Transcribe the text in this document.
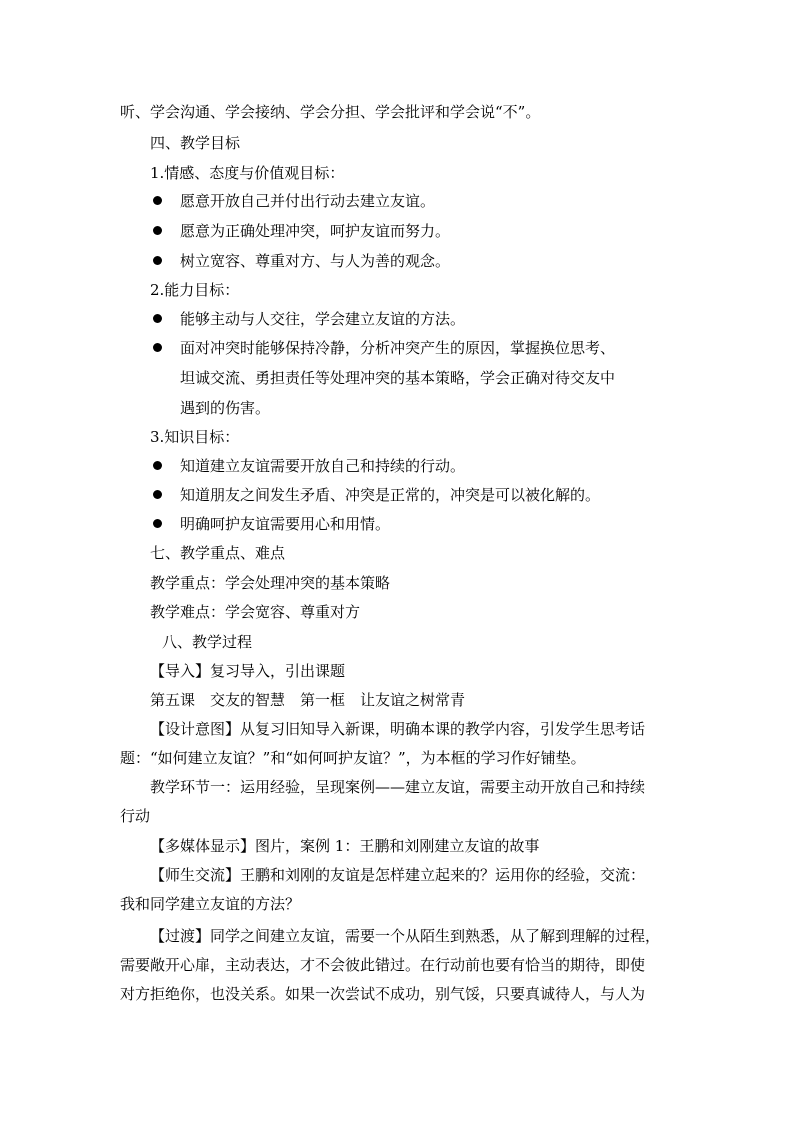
听、学会沟通、学会接纳、学会分担、学会批评和学会说“不”。
四、教学目标
1.情感、态度与价值观目标：
愿意开放自己并付出行动去建立友谊。
愿意为正确处理冲突，呵护友谊而努力。
树立宽容、尊重对方、与人为善的观念。
2.能力目标：
能够主动与人交往，学会建立友谊的方法。
面对冲突时能够保持冷静，分析冲突产生的原因，掌握换位思考、
坦诚交流、勇担责任等处理冲突的基本策略，学会正确对待交友中
遇到的伤害。
3.知识目标：
知道建立友谊需要开放自己和持续的行动。
知道朋友之间发生矛盾、冲突是正常的，冲突是可以被化解的。
明确呵护友谊需要用心和用情。
七、教学重点、难点
教学重点：学会处理冲突的基本策略
教学难点：学会宽容、尊重对方
八、教学过程
【导入】复习导入，引出课题
第五课　交友的智慧　第一框　让友谊之树常青
【设计意图】从复习旧知导入新课，明确本课的教学内容，引发学生思考话
题：“如何建立友谊？”和“如何呵护友谊？”，为本框的学习作好铺垫。
教学环节一：运用经验，呈现案例——建立友谊，需要主动开放自己和持续
行动
【多媒体显示】图片，案例 1：王鹏和刘刚建立友谊的故事
【师生交流】王鹏和刘刚的友谊是怎样建立起来的？运用你的经验，交流：
我和同学建立友谊的方法？
【过渡】同学之间建立友谊，需要一个从陌生到熟悉，从了解到理解的过程，
需要敞开心扉，主动表达，才不会彼此错过。在行动前也要有恰当的期待，即使
对方拒绝你，也没关系。如果一次尝试不成功，别气馁，只要真诚待人，与人为
